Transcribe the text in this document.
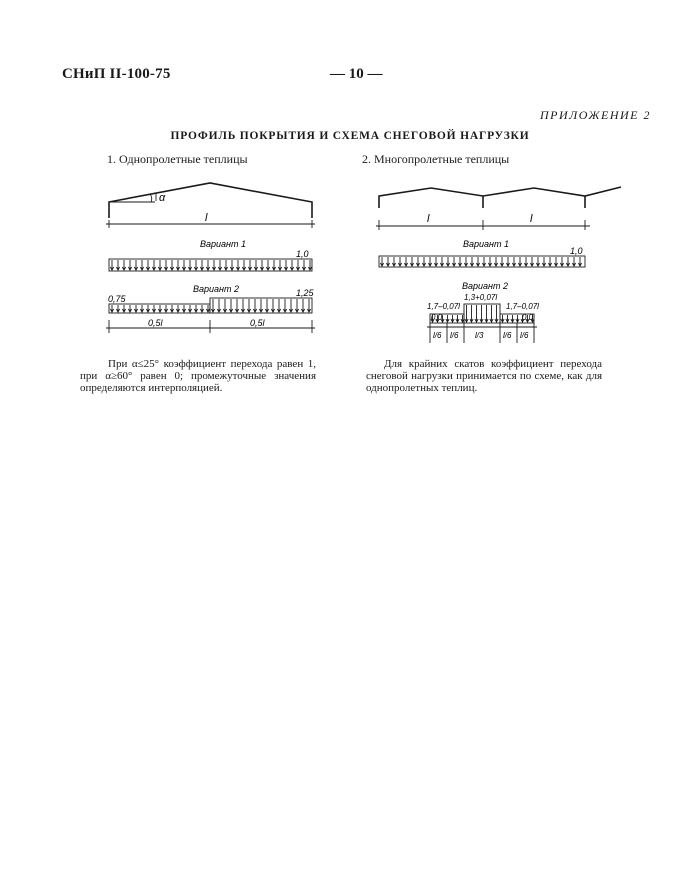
СНиП II-100-75	— 10 —
ПРИЛОЖЕНИЕ 2
ПРОФИЛЬ ПОКРЫТИЯ И СХЕМА СНЕГОВОЙ НАГРУЗКИ
1. Однопролетные теплицы	2. Многопролетные теплицы
α
l
Вариант 1
1,0
Вариант 2
0,75
1,25
0,5l	0,5l
l	l
Вариант 1
1,0
Вариант 2
1,7–0,07l
1,3+0,07l
1,7–0,07l
0,0	0,0
l/6 l/6 l/3 l/6 l/6
При α≤25° коэффициент перехода равен 1, при α≥60° равен 0; промежуточные значения определяются интерполяцией.
Для крайних скатов коэффициент перехода снеговой нагрузки принимается по схеме, как для однопролетных теплиц.
